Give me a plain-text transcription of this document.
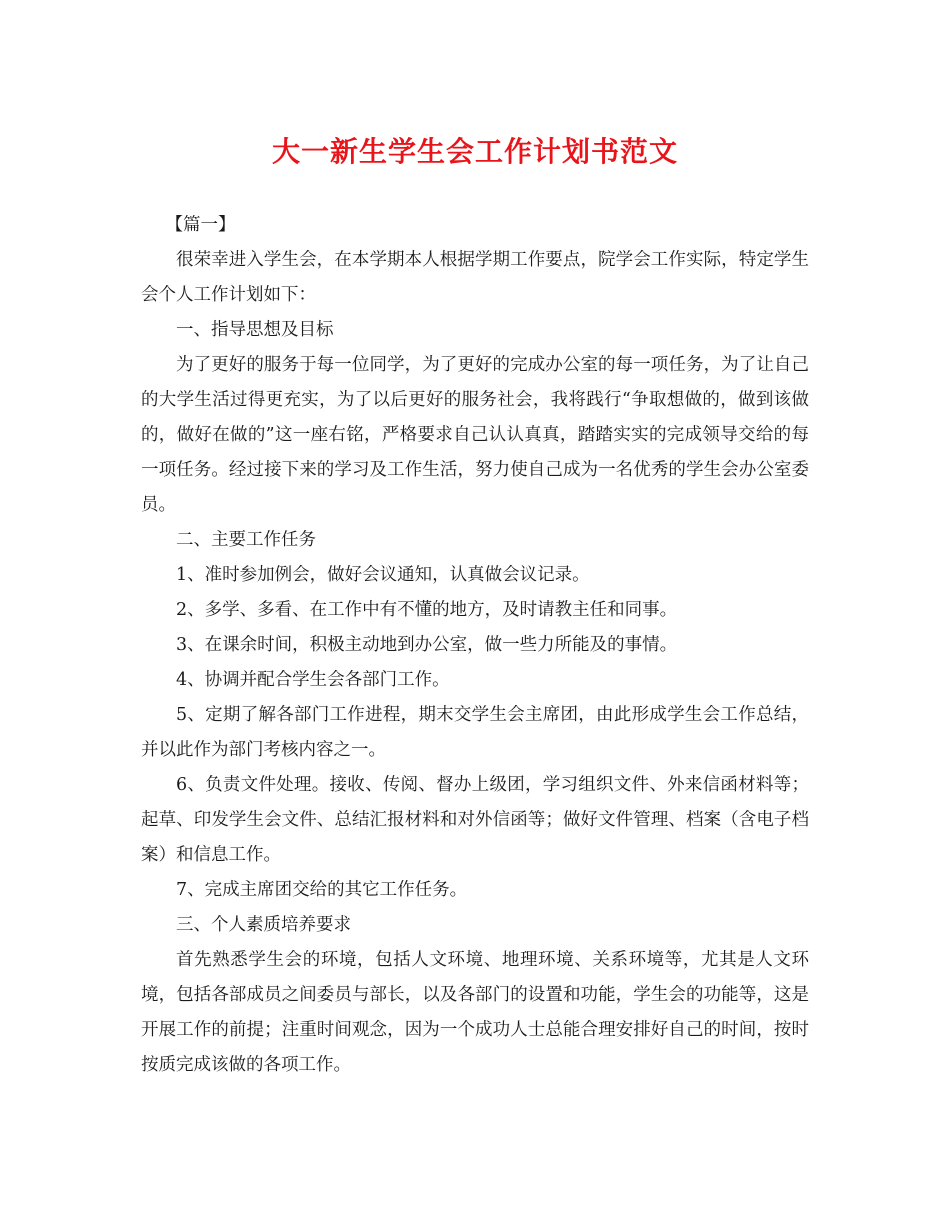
大一新生学生会工作计划书范文

【篇一】

很荣幸进入学生会，在本学期本人根据学期工作要点，院学会工作实际，特定学生会个人工作计划如下：

一、指导思想及目标

为了更好的服务于每一位同学，为了更好的完成办公室的每一项任务，为了让自己的大学生活过得更充实，为了以后更好的服务社会，我将践行“争取想做的，做到该做的，做好在做的”这一座右铭，严格要求自己认认真真，踏踏实实的完成领导交给的每一项任务。经过接下来的学习及工作生活，努力使自己成为一名优秀的学生会办公室委员。

二、主要工作任务

1、准时参加例会，做好会议通知，认真做会议记录。

2、多学、多看、在工作中有不懂的地方，及时请教主任和同事。

3、在课余时间，积极主动地到办公室，做一些力所能及的事情。

4、协调并配合学生会各部门工作。

5、定期了解各部门工作进程，期末交学生会主席团，由此形成学生会工作总结，并以此作为部门考核内容之一。

6、负责文件处理。接收、传阅、督办上级团，学习组织文件、外来信函材料等；起草、印发学生会文件、总结汇报材料和对外信函等；做好文件管理、档案（含电子档案）和信息工作。

7、完成主席团交给的其它工作任务。

三、个人素质培养要求

首先熟悉学生会的环境，包括人文环境、地理环境、关系环境等，尤其是人文环境，包括各部成员之间委员与部长，以及各部门的设置和功能，学生会的功能等，这是开展工作的前提；注重时间观念，因为一个成功人士总能合理安排好自己的时间，按时按质完成该做的各项工作。
